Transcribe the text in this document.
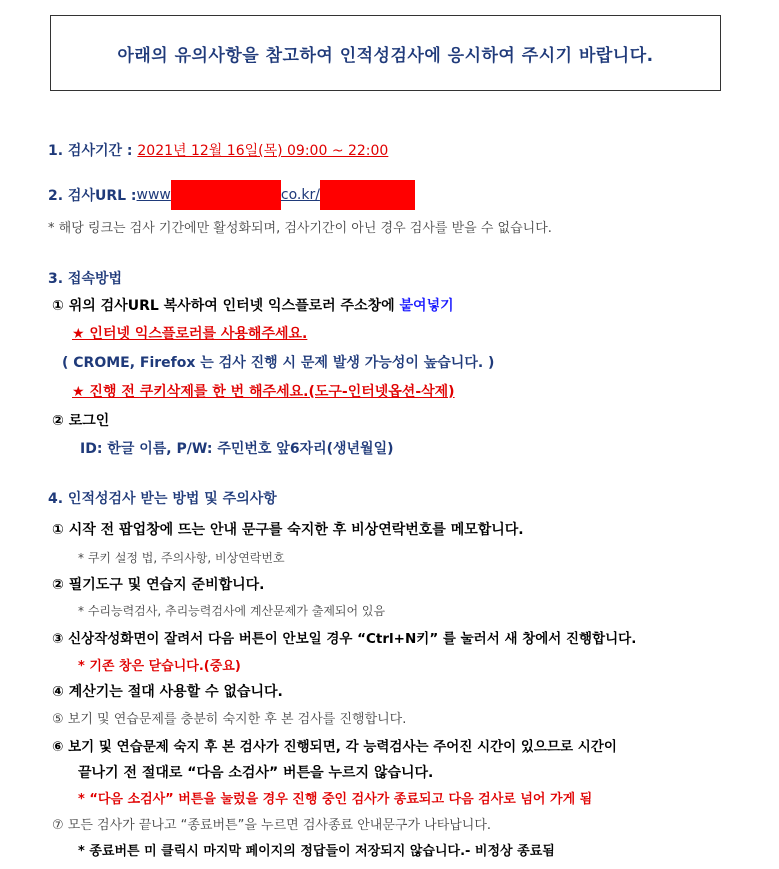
아래의 유의사항을 참고하여 인적성검사에 응시하여 주시기 바랍니다.
1. 검사기간 : 2021년 12월 16일(목) 09:00 ~ 22:00
2. 검사URL : www	co.kr/
* 해당 링크는 검사 기간에만 활성화되며, 검사기간이 아닌 경우 검사를 받을 수 없습니다.
3. 접속방법
① 위의 검사URL 복사하여 인터넷 익스플로러 주소창에 붙여넣기
★ 인터넷 익스플로러를 사용해주세요.
( CROME, Firefox 는 검사 진행 시 문제 발생 가능성이 높습니다. )
★ 진행 전 쿠키삭제를 한 번 해주세요.(도구-인터넷옵션-삭제)
② 로그인
ID: 한글 이름, P/W: 주민번호 앞6자리(생년월일)
4. 인적성검사 받는 방법 및 주의사항
① 시작 전 팝업창에 뜨는 안내 문구를 숙지한 후 비상연락번호를 메모합니다.
* 쿠키 설정 법, 주의사항, 비상연락번호
② 필기도구 및 연습지 준비합니다.
* 수리능력검사, 추리능력검사에 계산문제가 출제되어 있음
③ 신상작성화면이 잘려서 다음 버튼이 안보일 경우 “Ctrl+N키” 를 눌러서 새 창에서 진행합니다.
* 기존 창은 닫습니다.(중요)
④ 계산기는 절대 사용할 수 없습니다.
⑤ 보기 및 연습문제를 충분히 숙지한 후 본 검사를 진행합니다.
⑥ 보기 및 연습문제 숙지 후 본 검사가 진행되면, 각 능력검사는 주어진 시간이 있으므로 시간이
끝나기 전 절대로 “다음 소검사” 버튼을 누르지 않습니다.
* “다음 소검사” 버튼을 눌렀을 경우 진행 중인 검사가 종료되고 다음 검사로 넘어 가게 됨
⑦ 모든 검사가 끝나고 “종료버튼”을 누르면 검사종료 안내문구가 나타납니다.
* 종료버튼 미 클릭시 마지막 페이지의 정답들이 저장되지 않습니다.- 비정상 종료됨
